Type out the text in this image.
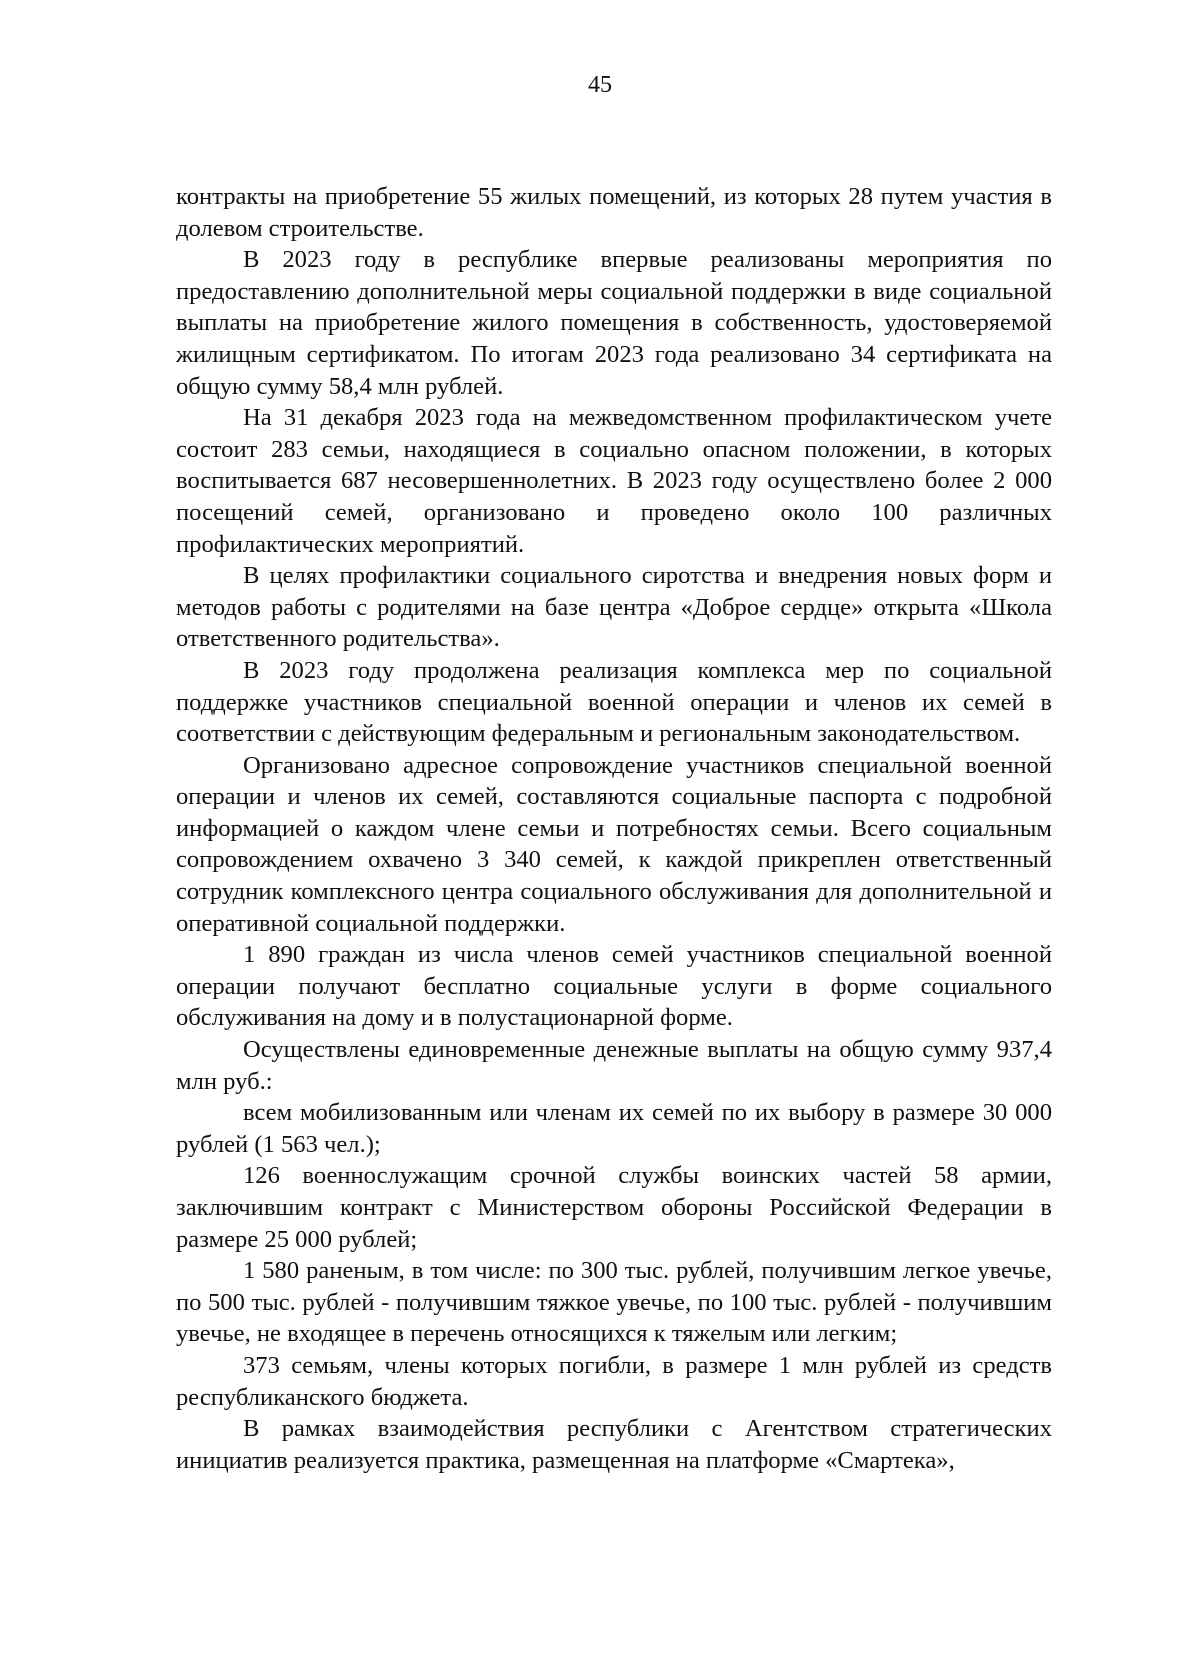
45

контракты на приобретение 55 жилых помещений, из которых 28 путем участия в долевом строительстве.

В 2023 году в республике впервые реализованы мероприятия по предоставлению дополнительной меры социальной поддержки в виде социальной выплаты на приобретение жилого помещения в собственность, удостоверяемой жилищным сертификатом. По итогам 2023 года реализовано 34 сертификата на общую сумму 58,4 млн рублей.

На 31 декабря 2023 года на межведомственном профилактическом учете состоит 283 семьи, находящиеся в социально опасном положении, в которых воспитывается 687 несовершеннолетних. В 2023 году осуществлено более 2 000 посещений семей, организовано и проведено около 100 различных профилактических мероприятий.

В целях профилактики социального сиротства и внедрения новых форм и методов работы с родителями на базе центра «Доброе сердце» открыта «Школа ответственного родительства».

В 2023 году продолжена реализация комплекса мер по социальной поддержке участников специальной военной операции и членов их семей в соответствии с действующим федеральным и региональным законодательством.

Организовано адресное сопровождение участников специальной военной операции и членов их семей, составляются социальные паспорта с подробной информацией о каждом члене семьи и потребностях семьи. Всего социальным сопровождением охвачено 3 340 семей, к каждой прикреплен ответственный сотрудник комплексного центра социального обслуживания для дополнительной и оперативной социальной поддержки.

1 890 граждан из числа членов семей участников специальной военной операции получают бесплатно социальные услуги в форме социального обслуживания на дому и в полустационарной форме.

Осуществлены единовременные денежные выплаты на общую сумму 937,4 млн руб.:

всем мобилизованным или членам их семей по их выбору в размере 30 000 рублей (1 563 чел.);

126 военнослужащим срочной службы воинских частей 58 армии, заключившим контракт с Министерством обороны Российской Федерации в размере 25 000 рублей;

1 580 раненым, в том числе: по 300 тыс. рублей, получившим легкое увечье, по 500 тыс. рублей - получившим тяжкое увечье, по 100 тыс. рублей - получившим увечье, не входящее в перечень относящихся к тяжелым или легким;

373 семьям, члены которых погибли, в размере 1 млн рублей из средств республиканского бюджета.

В рамках взаимодействия республики с Агентством стратегических инициатив реализуется практика, размещенная на платформе «Смартека»,
